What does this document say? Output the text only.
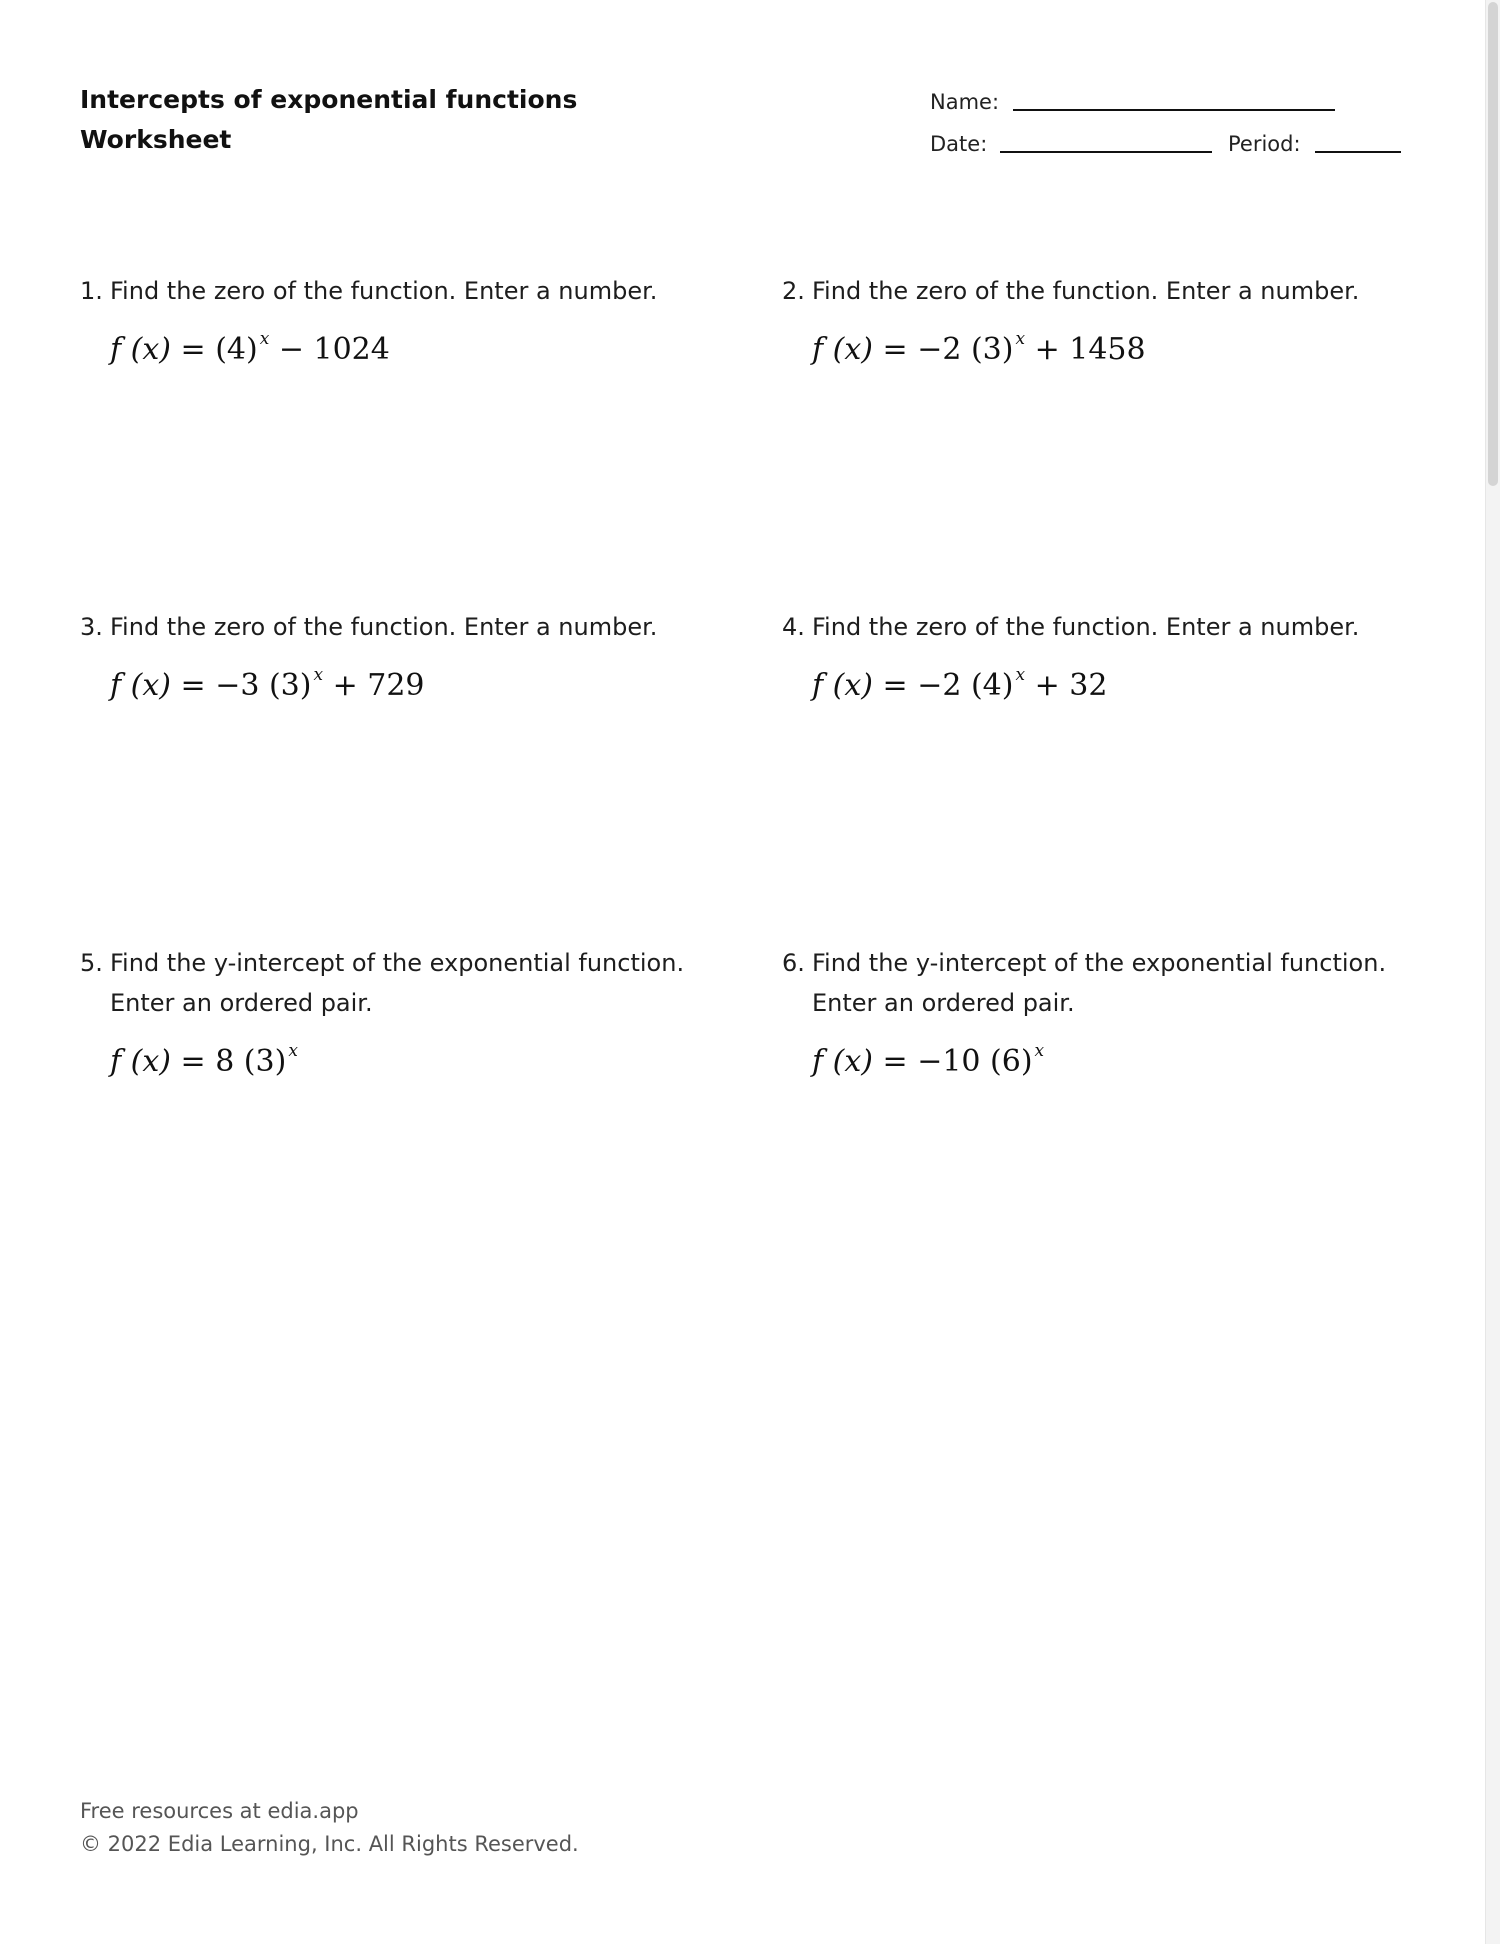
Intercepts of exponential functions
Worksheet
Name:
Date:	Period:
1. Find the zero of the function. Enter a number.
f (x) = (4) $^x$ − 1024
2. Find the zero of the function. Enter a number.
f (x) = −2 (3) $^x$ + 1458
3. Find the zero of the function. Enter a number.
f (x) = −3 (3) $^x$ + 729
4. Find the zero of the function. Enter a number.
f (x) = −2 (4) $^x$ + 32
5. Find the y-intercept of the exponential function. Enter an ordered pair.
f (x) = 8 (3) $^x$
6. Find the y-intercept of the exponential function. Enter an ordered pair.
f (x) = −10 (6) $^x$
Free resources at edia.app
© 2022 Edia Learning, Inc. All Rights Reserved.
